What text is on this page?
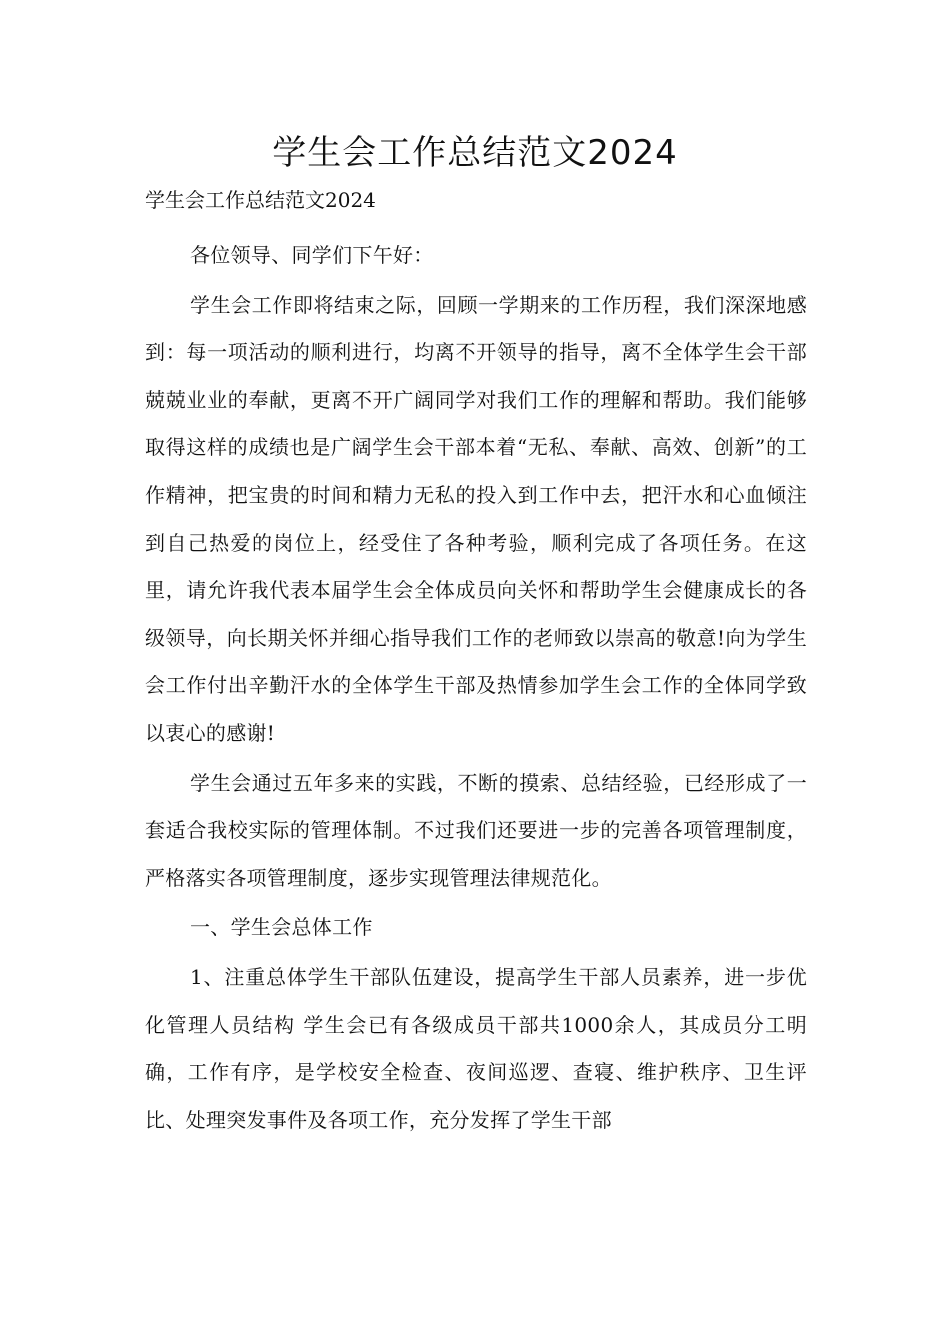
学生会工作总结范文2024

学生会工作总结范文2024

各位领导、同学们下午好：

学生会工作即将结束之际，回顾一学期来的工作历程，我们深深地感到：每一项活动的顺利进行，均离不开领导的指导，离不全体学生会干部兢兢业业的奉献，更离不开广阔同学对我们工作的理解和帮助。我们能够取得这样的成绩也是广阔学生会干部本着“无私、奉献、高效、创新”的工作精神，把宝贵的时间和精力无私的投入到工作中去，把汗水和心血倾注到自己热爱的岗位上，经受住了各种考验，顺利完成了各项任务。在这里，请允许我代表本届学生会全体成员向关怀和帮助学生会健康成长的各级领导，向长期关怀并细心指导我们工作的老师致以崇高的敬意!向为学生会工作付出辛勤汗水的全体学生干部及热情参加学生会工作的全体同学致以衷心的感谢!

学生会通过五年多来的实践，不断的摸索、总结经验，已经形成了一套适合我校实际的管理体制。不过我们还要进一步的完善各项管理制度，严格落实各项管理制度，逐步实现管理法律规范化。

一、学生会总体工作

1、注重总体学生干部队伍建设，提高学生干部人员素养，进一步优化管理人员结构 学生会已有各级成员干部共1000余人，其成员分工明确，工作有序，是学校安全检查、夜间巡逻、查寝、维护秩序、卫生评比、处理突发事件及各项工作，充分发挥了学生干部
